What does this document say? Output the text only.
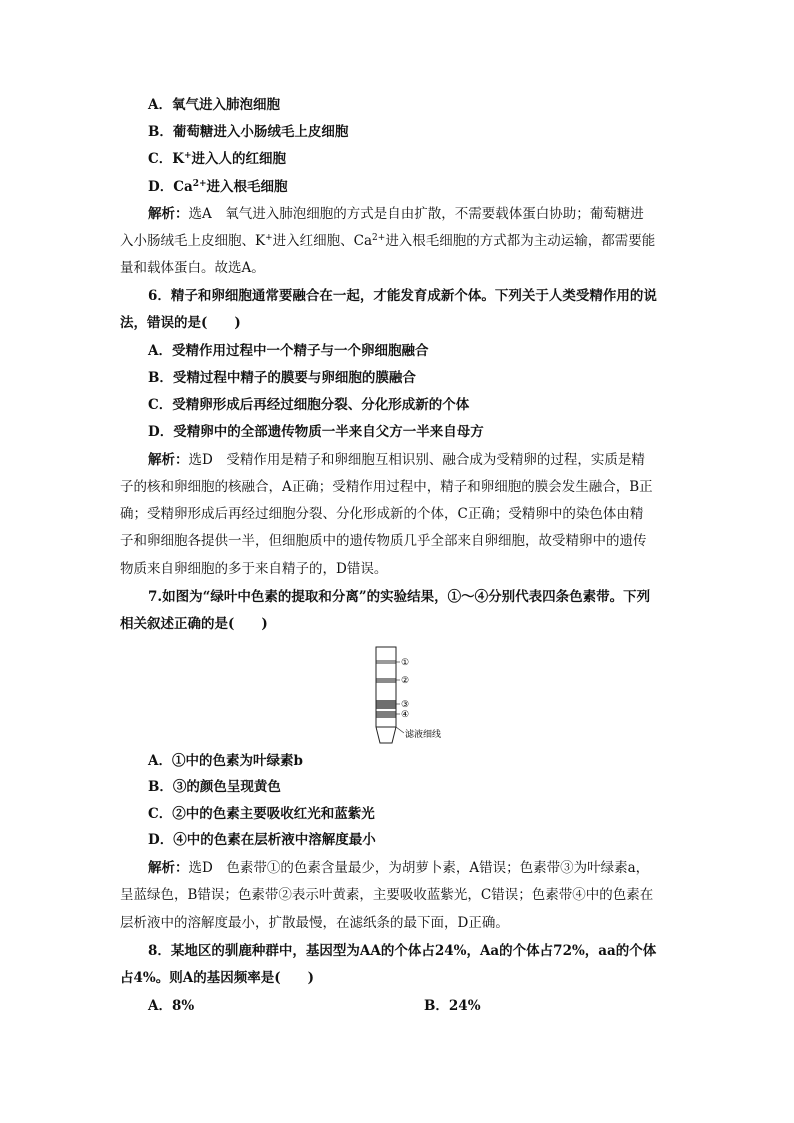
A．氧气进入肺泡细胞
B．葡萄糖进入小肠绒毛上皮细胞
C．K+进入人的红细胞
D．$Ca^{2+}$进入根毛细胞
解析：选A　氧气进入肺泡细胞的方式是自由扩散，不需要载体蛋白协助；葡萄糖进
入小肠绒毛上皮细胞、K+进入红细胞、$Ca^{2+}$进入根毛细胞的方式都为主动运输，都需要能
量和载体蛋白。故选A。
6．精子和卵细胞通常要融合在一起，才能发育成新个体。下列关于人类受精作用的说
法，错误的是(　　)
A．受精作用过程中一个精子与一个卵细胞融合
B．受精过程中精子的膜要与卵细胞的膜融合
C．受精卵形成后再经过细胞分裂、分化形成新的个体
D．受精卵中的全部遗传物质一半来自父方一半来自母方
解析：选D　受精作用是精子和卵细胞互相识别、融合成为受精卵的过程，实质是精
子的核和卵细胞的核融合，A正确；受精作用过程中，精子和卵细胞的膜会发生融合，B正
确；受精卵形成后再经过细胞分裂、分化形成新的个体，C正确；受精卵中的染色体由精
子和卵细胞各提供一半，但细胞质中的遗传物质几乎全部来自卵细胞，故受精卵中的遗传
物质来自卵细胞的多于来自精子的，D错误。
7.如图为“绿叶中色素的提取和分离”的实验结果，①～④分别代表四条色素带。下列
相关叙述正确的是(　　)
①
②
③
④
滤液细线
A．①中的色素为叶绿素b
B．③的颜色呈现黄色
C．②中的色素主要吸收红光和蓝紫光
D．④中的色素在层析液中溶解度最小
解析：选D　色素带①的色素含量最少，为胡萝卜素，A错误；色素带③为叶绿素a，
呈蓝绿色，B错误；色素带②表示叶黄素，主要吸收蓝紫光，C错误；色素带④中的色素在
层析液中的溶解度最小，扩散最慢，在滤纸条的最下面，D正确。
8．某地区的驯鹿种群中，基因型为AA的个体占24%，Aa的个体占72%，aa的个体
占4%。则A的基因频率是(　　)
A．8%	B．24%
